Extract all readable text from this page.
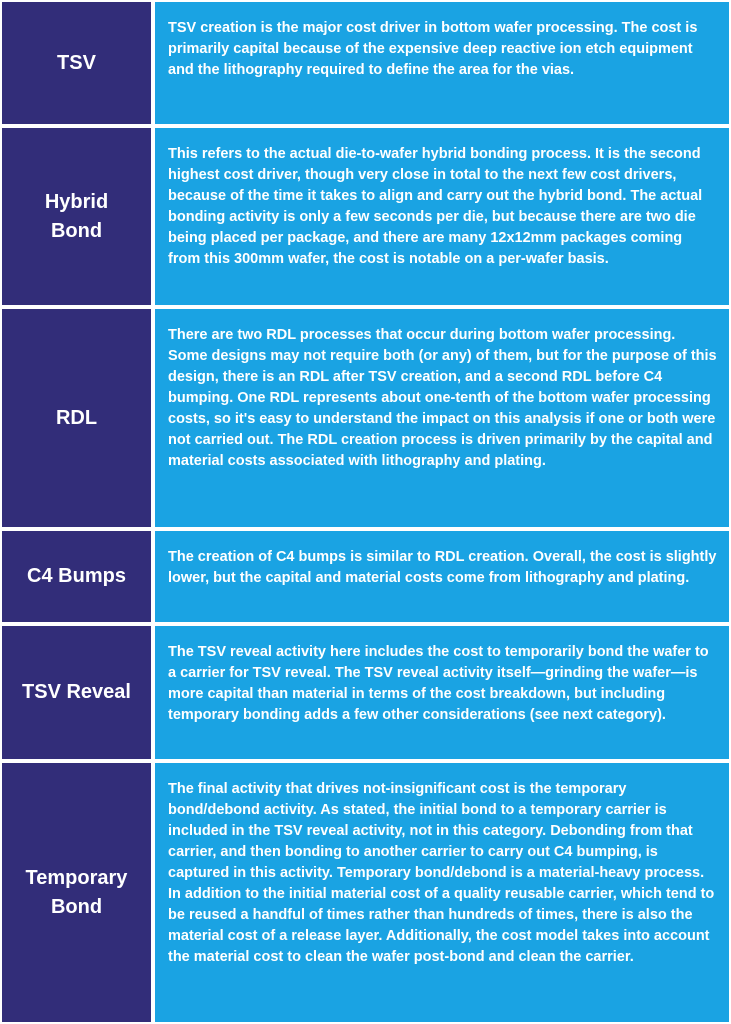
TSV
TSV creation is the major cost driver in bottom wafer processing. The cost is primarily capital because of the expensive deep reactive ion etch equipment and the lithography required to define the area for the vias.
Hybrid Bond
This refers to the actual die-to-wafer hybrid bonding process. It is the second highest cost driver, though very close in total to the next few cost drivers, because of the time it takes to align and carry out the hybrid bond. The actual bonding activity is only a few seconds per die, but because there are two die being placed per package, and there are many 12x12mm packages coming from this 300mm wafer, the cost is notable on a per-wafer basis.
RDL
There are two RDL processes that occur during bottom wafer processing. Some designs may not require both (or any) of them, but for the purpose of this design, there is an RDL after TSV creation, and a second RDL before C4 bumping. One RDL represents about one-tenth of the bottom wafer processing costs, so it's easy to understand the impact on this analysis if one or both were not carried out. The RDL creation process is driven primarily by the capital and material costs associated with lithography and plating.
C4 Bumps
The creation of C4 bumps is similar to RDL creation. Overall, the cost is slightly lower, but the capital and material costs come from lithography and plating.
TSV Reveal
The TSV reveal activity here includes the cost to temporarily bond the wafer to a carrier for TSV reveal. The TSV reveal activity itself—grinding the wafer—is more capital than material in terms of the cost breakdown, but including temporary bonding adds a few other considerations (see next category).
Temporary Bond
The final activity that drives not-insignificant cost is the temporary bond/debond activity. As stated, the initial bond to a temporary carrier is included in the TSV reveal activity, not in this category. Debonding from that carrier, and then bonding to another carrier to carry out C4 bumping, is captured in this activity. Temporary bond/debond is a material-heavy process. In addition to the initial material cost of a quality reusable carrier, which tend to be reused a handful of times rather than hundreds of times, there is also the material cost of a release layer. Additionally, the cost model takes into account the material cost to clean the wafer post-bond and clean the carrier.
